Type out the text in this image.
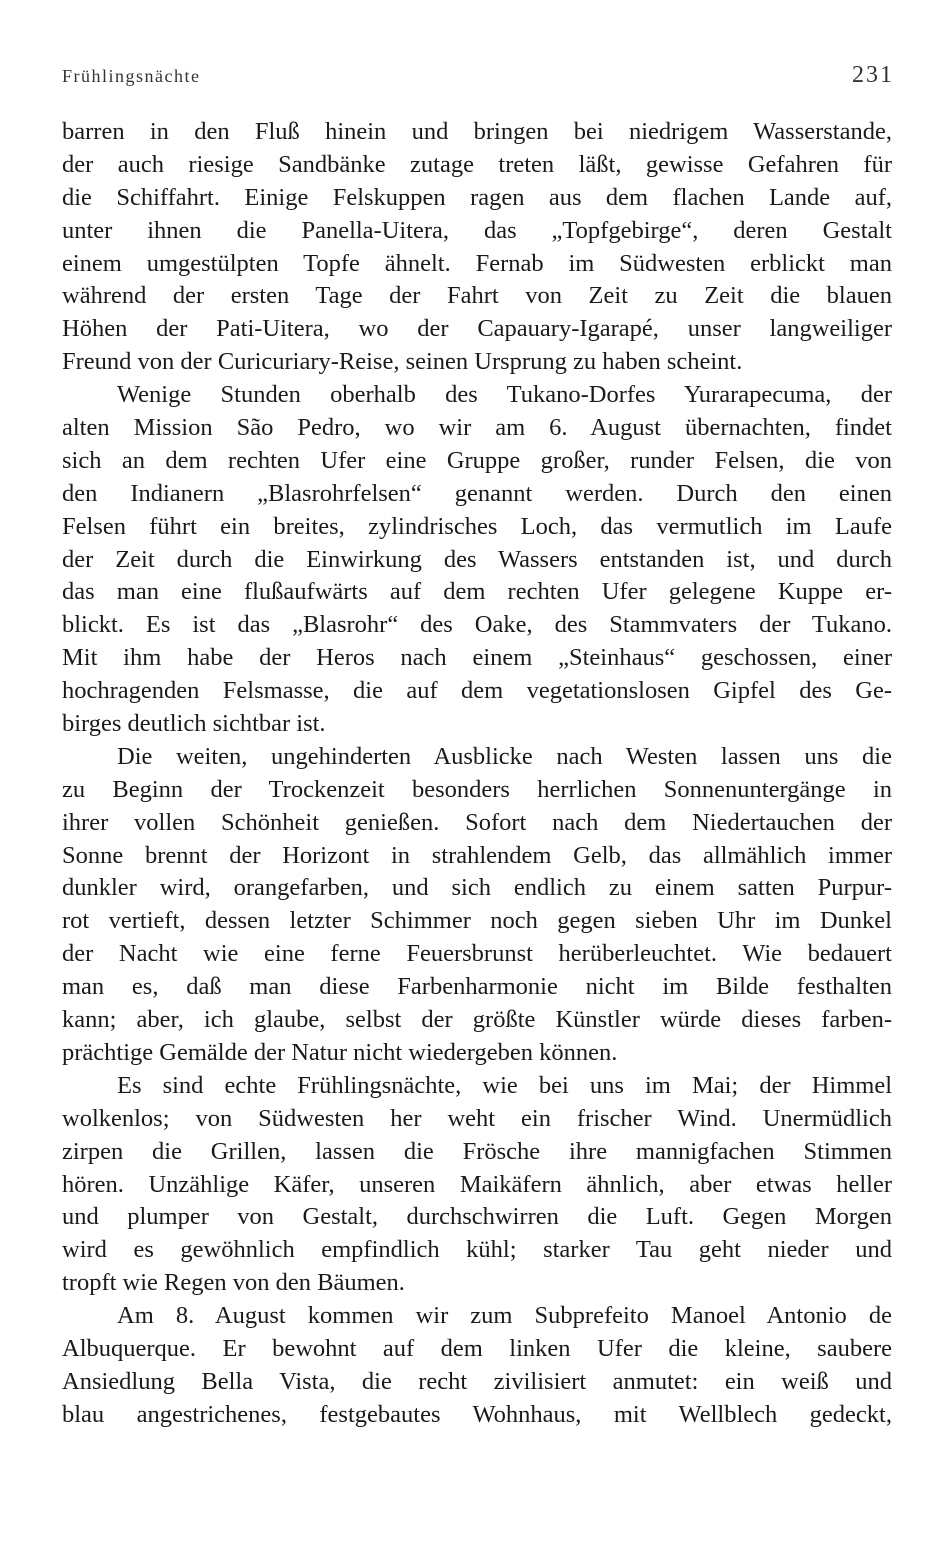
Frühlingsnächte	231
barren in den Fluß hinein und bringen bei niedrigem Wasserstande,
der auch riesige Sandbänke zutage treten läßt, gewisse Gefahren für
die Schiffahrt. Einige Felskuppen ragen aus dem flachen Lande auf,
unter ihnen die Panella-Uitera, das „Topfgebirge“, deren Gestalt
einem umgestülpten Topfe ähnelt. Fernab im Südwesten erblickt man
während der ersten Tage der Fahrt von Zeit zu Zeit die blauen
Höhen der Pati-Uitera, wo der Capauary-Igarapé, unser langweiliger
Freund von der Curicuriary-Reise, seinen Ursprung zu haben scheint.
Wenige Stunden oberhalb des Tukano-Dorfes Yurarapecuma, der
alten Mission São Pedro, wo wir am 6. August übernachten, findet
sich an dem rechten Ufer eine Gruppe großer, runder Felsen, die von
den Indianern „Blasrohrfelsen“ genannt werden. Durch den einen
Felsen führt ein breites, zylindrisches Loch, das vermutlich im Laufe
der Zeit durch die Einwirkung des Wassers entstanden ist, und durch
das man eine flußaufwärts auf dem rechten Ufer gelegene Kuppe er-
blickt. Es ist das „Blasrohr“ des Oake, des Stammvaters der Tukano.
Mit ihm habe der Heros nach einem „Steinhaus“ geschossen, einer
hochragenden Felsmasse, die auf dem vegetationslosen Gipfel des Ge-
birges deutlich sichtbar ist.
Die weiten, ungehinderten Ausblicke nach Westen lassen uns die
zu Beginn der Trockenzeit besonders herrlichen Sonnenuntergänge in
ihrer vollen Schönheit genießen. Sofort nach dem Niedertauchen der
Sonne brennt der Horizont in strahlendem Gelb, das allmählich immer
dunkler wird, orangefarben, und sich endlich zu einem satten Purpur-
rot vertieft, dessen letzter Schimmer noch gegen sieben Uhr im Dunkel
der Nacht wie eine ferne Feuersbrunst herüberleuchtet. Wie bedauert
man es, daß man diese Farbenharmonie nicht im Bilde festhalten
kann; aber, ich glaube, selbst der größte Künstler würde dieses farben-
prächtige Gemälde der Natur nicht wiedergeben können.
Es sind echte Frühlingsnächte, wie bei uns im Mai; der Himmel
wolkenlos; von Südwesten her weht ein frischer Wind. Unermüdlich
zirpen die Grillen, lassen die Frösche ihre mannigfachen Stimmen
hören. Unzählige Käfer, unseren Maikäfern ähnlich, aber etwas heller
und plumper von Gestalt, durchschwirren die Luft. Gegen Morgen
wird es gewöhnlich empfindlich kühl; starker Tau geht nieder und
tropft wie Regen von den Bäumen.
Am 8. August kommen wir zum Subprefeito Manoel Antonio de
Albuquerque. Er bewohnt auf dem linken Ufer die kleine, saubere
Ansiedlung Bella Vista, die recht zivilisiert anmutet: ein weiß und
blau angestrichenes, festgebautes Wohnhaus, mit Wellblech gedeckt,
